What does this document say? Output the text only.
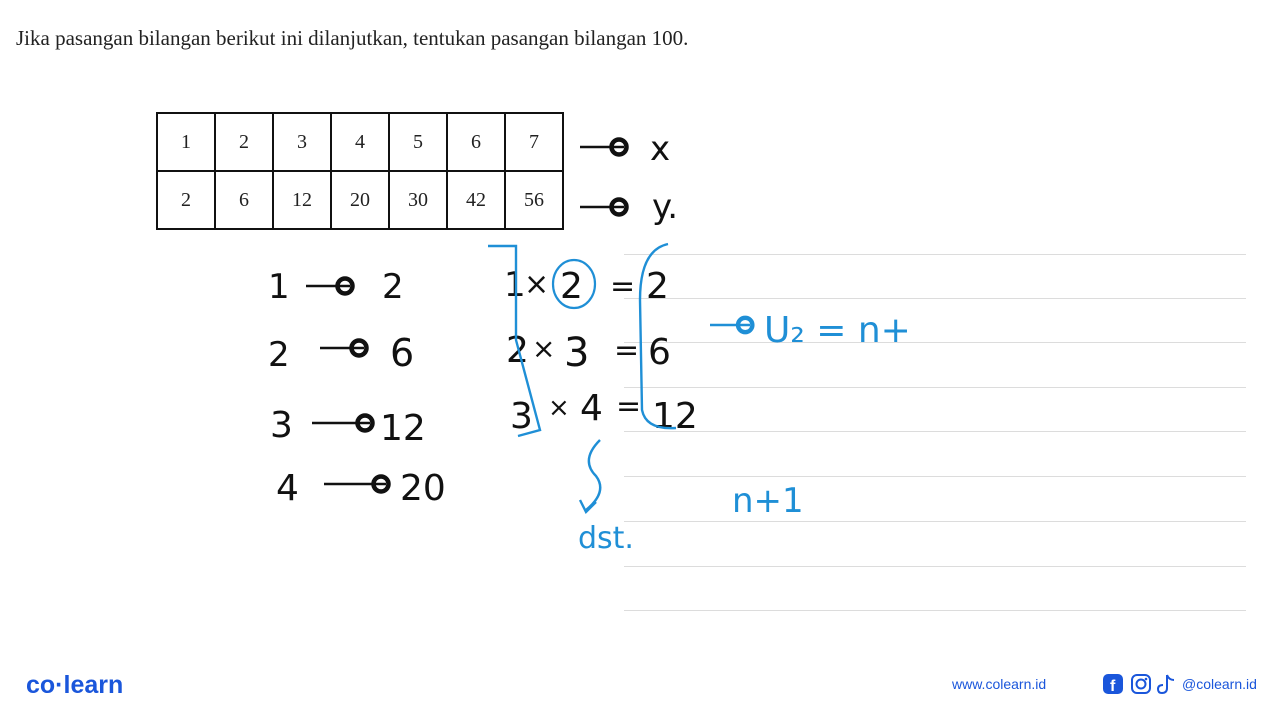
Jika pasangan bilangan berikut ini dilanjutkan, tentukan pasangan bilangan 100.
1	2	3	4	5	6	7
2	6	12	20	30	42	56
x
y.
1	2
2	6
3 12
4	20
1
× 2 = 2
2 × 3 = 6
3 × 4 = 12
dst.
U₂ = n+
n+1
co·learn	www.colearn.id	f	@colearn.id
